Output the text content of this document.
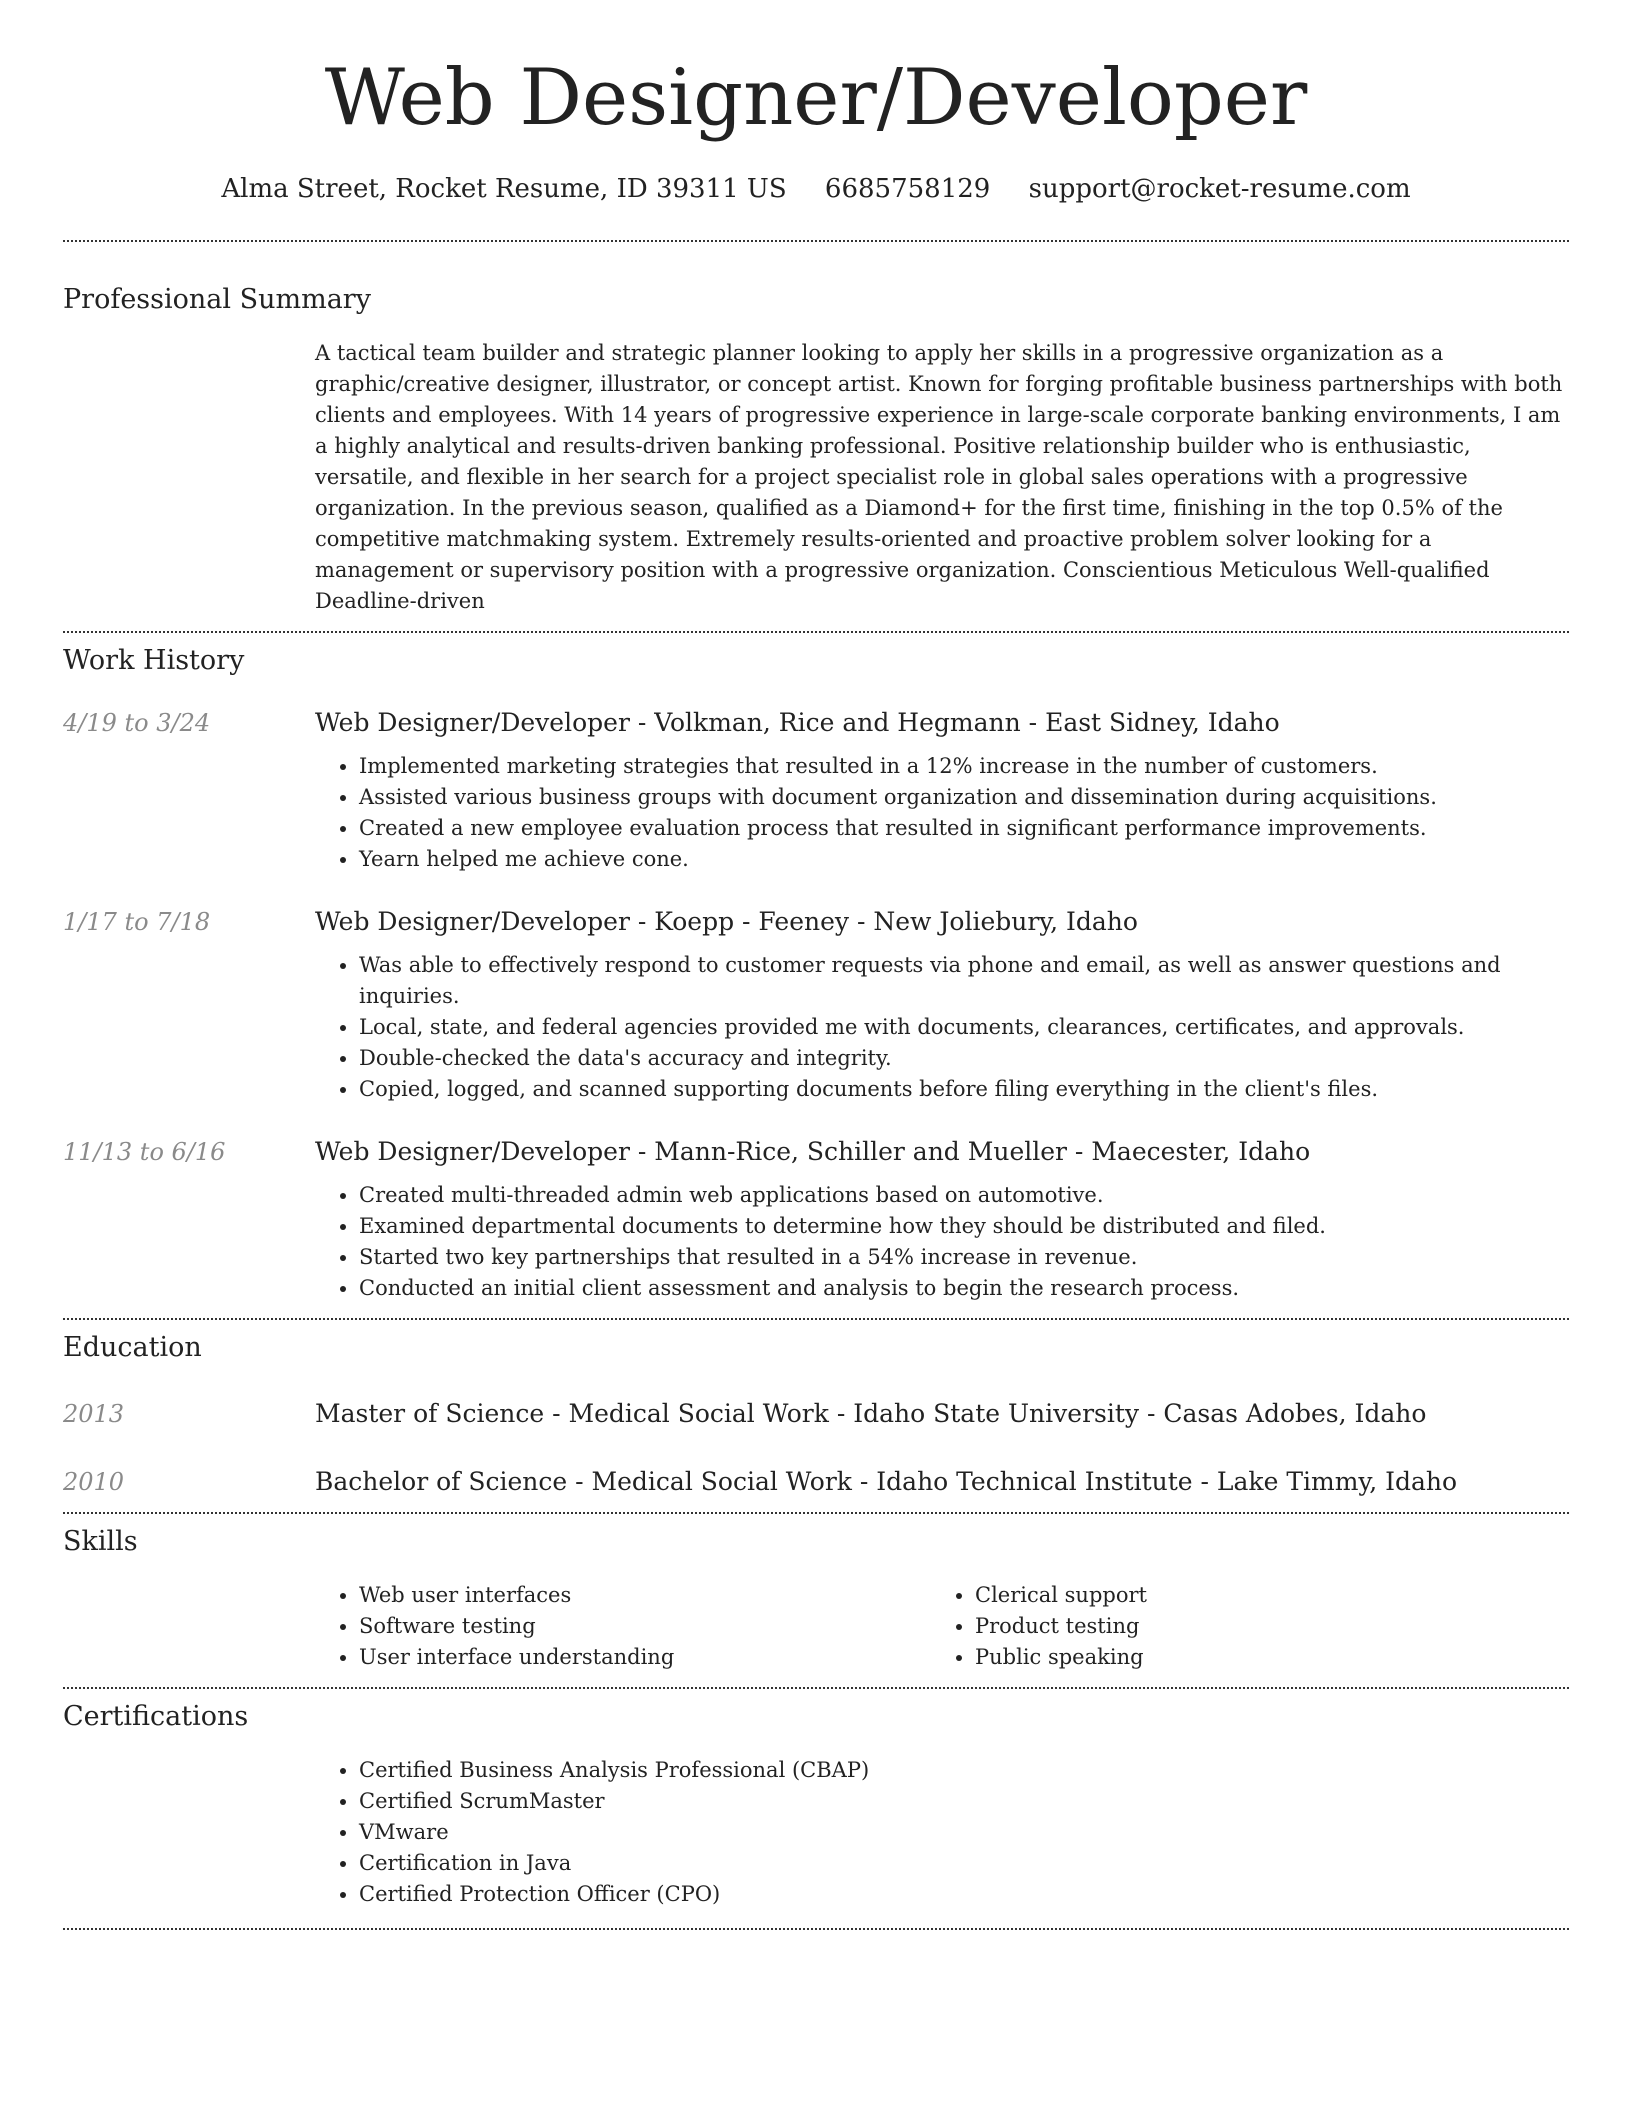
Web Designer/Developer
Alma Street, Rocket Resume, ID 39311 US 6685758129 support@rocket-resume.com
Professional Summary

A tactical team builder and strategic planner looking to apply her skills in a progressive organization as a graphic/creative designer, illustrator, or concept artist. Known for forging profitable business partnerships with both clients and employees. With 14 years of progressive experience in large-scale corporate banking environments, I am a highly analytical and results-driven banking professional. Positive relationship builder who is enthusiastic, versatile, and flexible in her search for a project specialist role in global sales operations with a progressive organization. In the previous season, qualified as a Diamond+ for the first time, finishing in the top 0.5% of the competitive matchmaking system. Extremely results-oriented and proactive problem solver looking for a management or supervisory position with a progressive organization. Conscientious Meticulous Well-qualified Deadline-driven

Work History
4/19 to 3/24	Web Designer/Developer - Volkman, Rice and Hegmann - East Sidney, Idaho
• Implemented marketing strategies that resulted in a 12% increase in the number of customers.
• Assisted various business groups with document organization and dissemination during acquisitions.
• Created a new employee evaluation process that resulted in significant performance improvements.
• Yearn helped me achieve cone.
1/17 to 7/18	Web Designer/Developer - Koepp - Feeney - New Joliebury, Idaho
• Was able to effectively respond to customer requests via phone and email, as well as answer questions and inquiries.
• Local, state, and federal agencies provided me with documents, clearances, certificates, and approvals.
• Double-checked the data's accuracy and integrity.
• Copied, logged, and scanned supporting documents before filing everything in the client's files.
11/13 to 6/16	Web Designer/Developer - Mann-Rice, Schiller and Mueller - Maecester, Idaho
• Created multi-threaded admin web applications based on automotive.
• Examined departmental documents to determine how they should be distributed and filed.
• Started two key partnerships that resulted in a 54% increase in revenue.
• Conducted an initial client assessment and analysis to begin the research process.
Education
2013	Master of Science - Medical Social Work - Idaho State University - Casas Adobes, Idaho
2010	Bachelor of Science - Medical Social Work - Idaho Technical Institute - Lake Timmy, Idaho
Skills
• Web user interfaces
• Software testing
• User interface understanding
• Clerical support
• Product testing
• Public speaking
Certifications
• Certified Business Analysis Professional (CBAP)
• Certified ScrumMaster
• VMware
• Certification in Java
• Certified Protection Officer (CPO)
